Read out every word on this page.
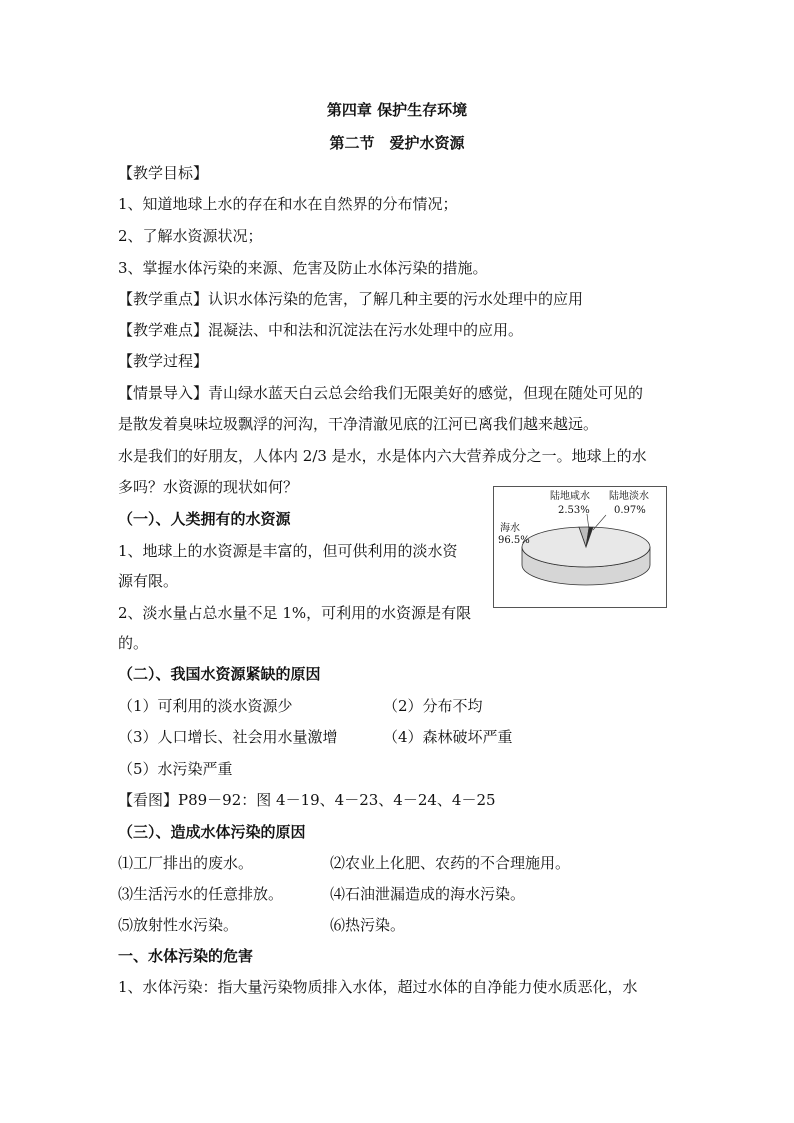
第四章 保护生存环境
第二节　爱护水资源
【教学目标】
1、知道地球上水的存在和水在自然界的分布情况；
2、了解水资源状况；
3、掌握水体污染的来源、危害及防止水体污染的措施。
【教学重点】认识水体污染的危害，了解几种主要的污水处理中的应用
【教学难点】混凝法、中和法和沉淀法在污水处理中的应用。
【教学过程】
【情景导入】青山绿水蓝天白云总会给我们无限美好的感觉，但现在随处可见的
是散发着臭味垃圾飘浮的河沟，干净清澈见底的江河已离我们越来越远。
水是我们的好朋友，人体内 2/3 是水，水是体内六大营养成分之一。地球上的水
多吗？水资源的现状如何？
（一）、人类拥有的水资源
1、地球上的水资源是丰富的，但可供利用的淡水资
源有限。
2、淡水量占总水量不足 1%，可利用的水资源是有限
的。
海水
96.5%
陆地咸水
2.53%
陆地淡水
0.97%
（二）、我国水资源紧缺的原因
（1）可利用的淡水资源少	（2）分布不均
（3）人口增长、社会用水量激增	（4）森林破坏严重
（5）水污染严重
【看图】P89－92：图 4－19、4－23、4－24、4－25
（三）、造成水体污染的原因
⑴工厂排出的废水。	⑵农业上化肥、农药的不合理施用。
⑶生活污水的任意排放。	⑷石油泄漏造成的海水污染。
⑸放射性水污染。	⑹热污染。
一、水体污染的危害
1、水体污染：指大量污染物质排入水体，超过水体的自净能力使水质恶化，水
